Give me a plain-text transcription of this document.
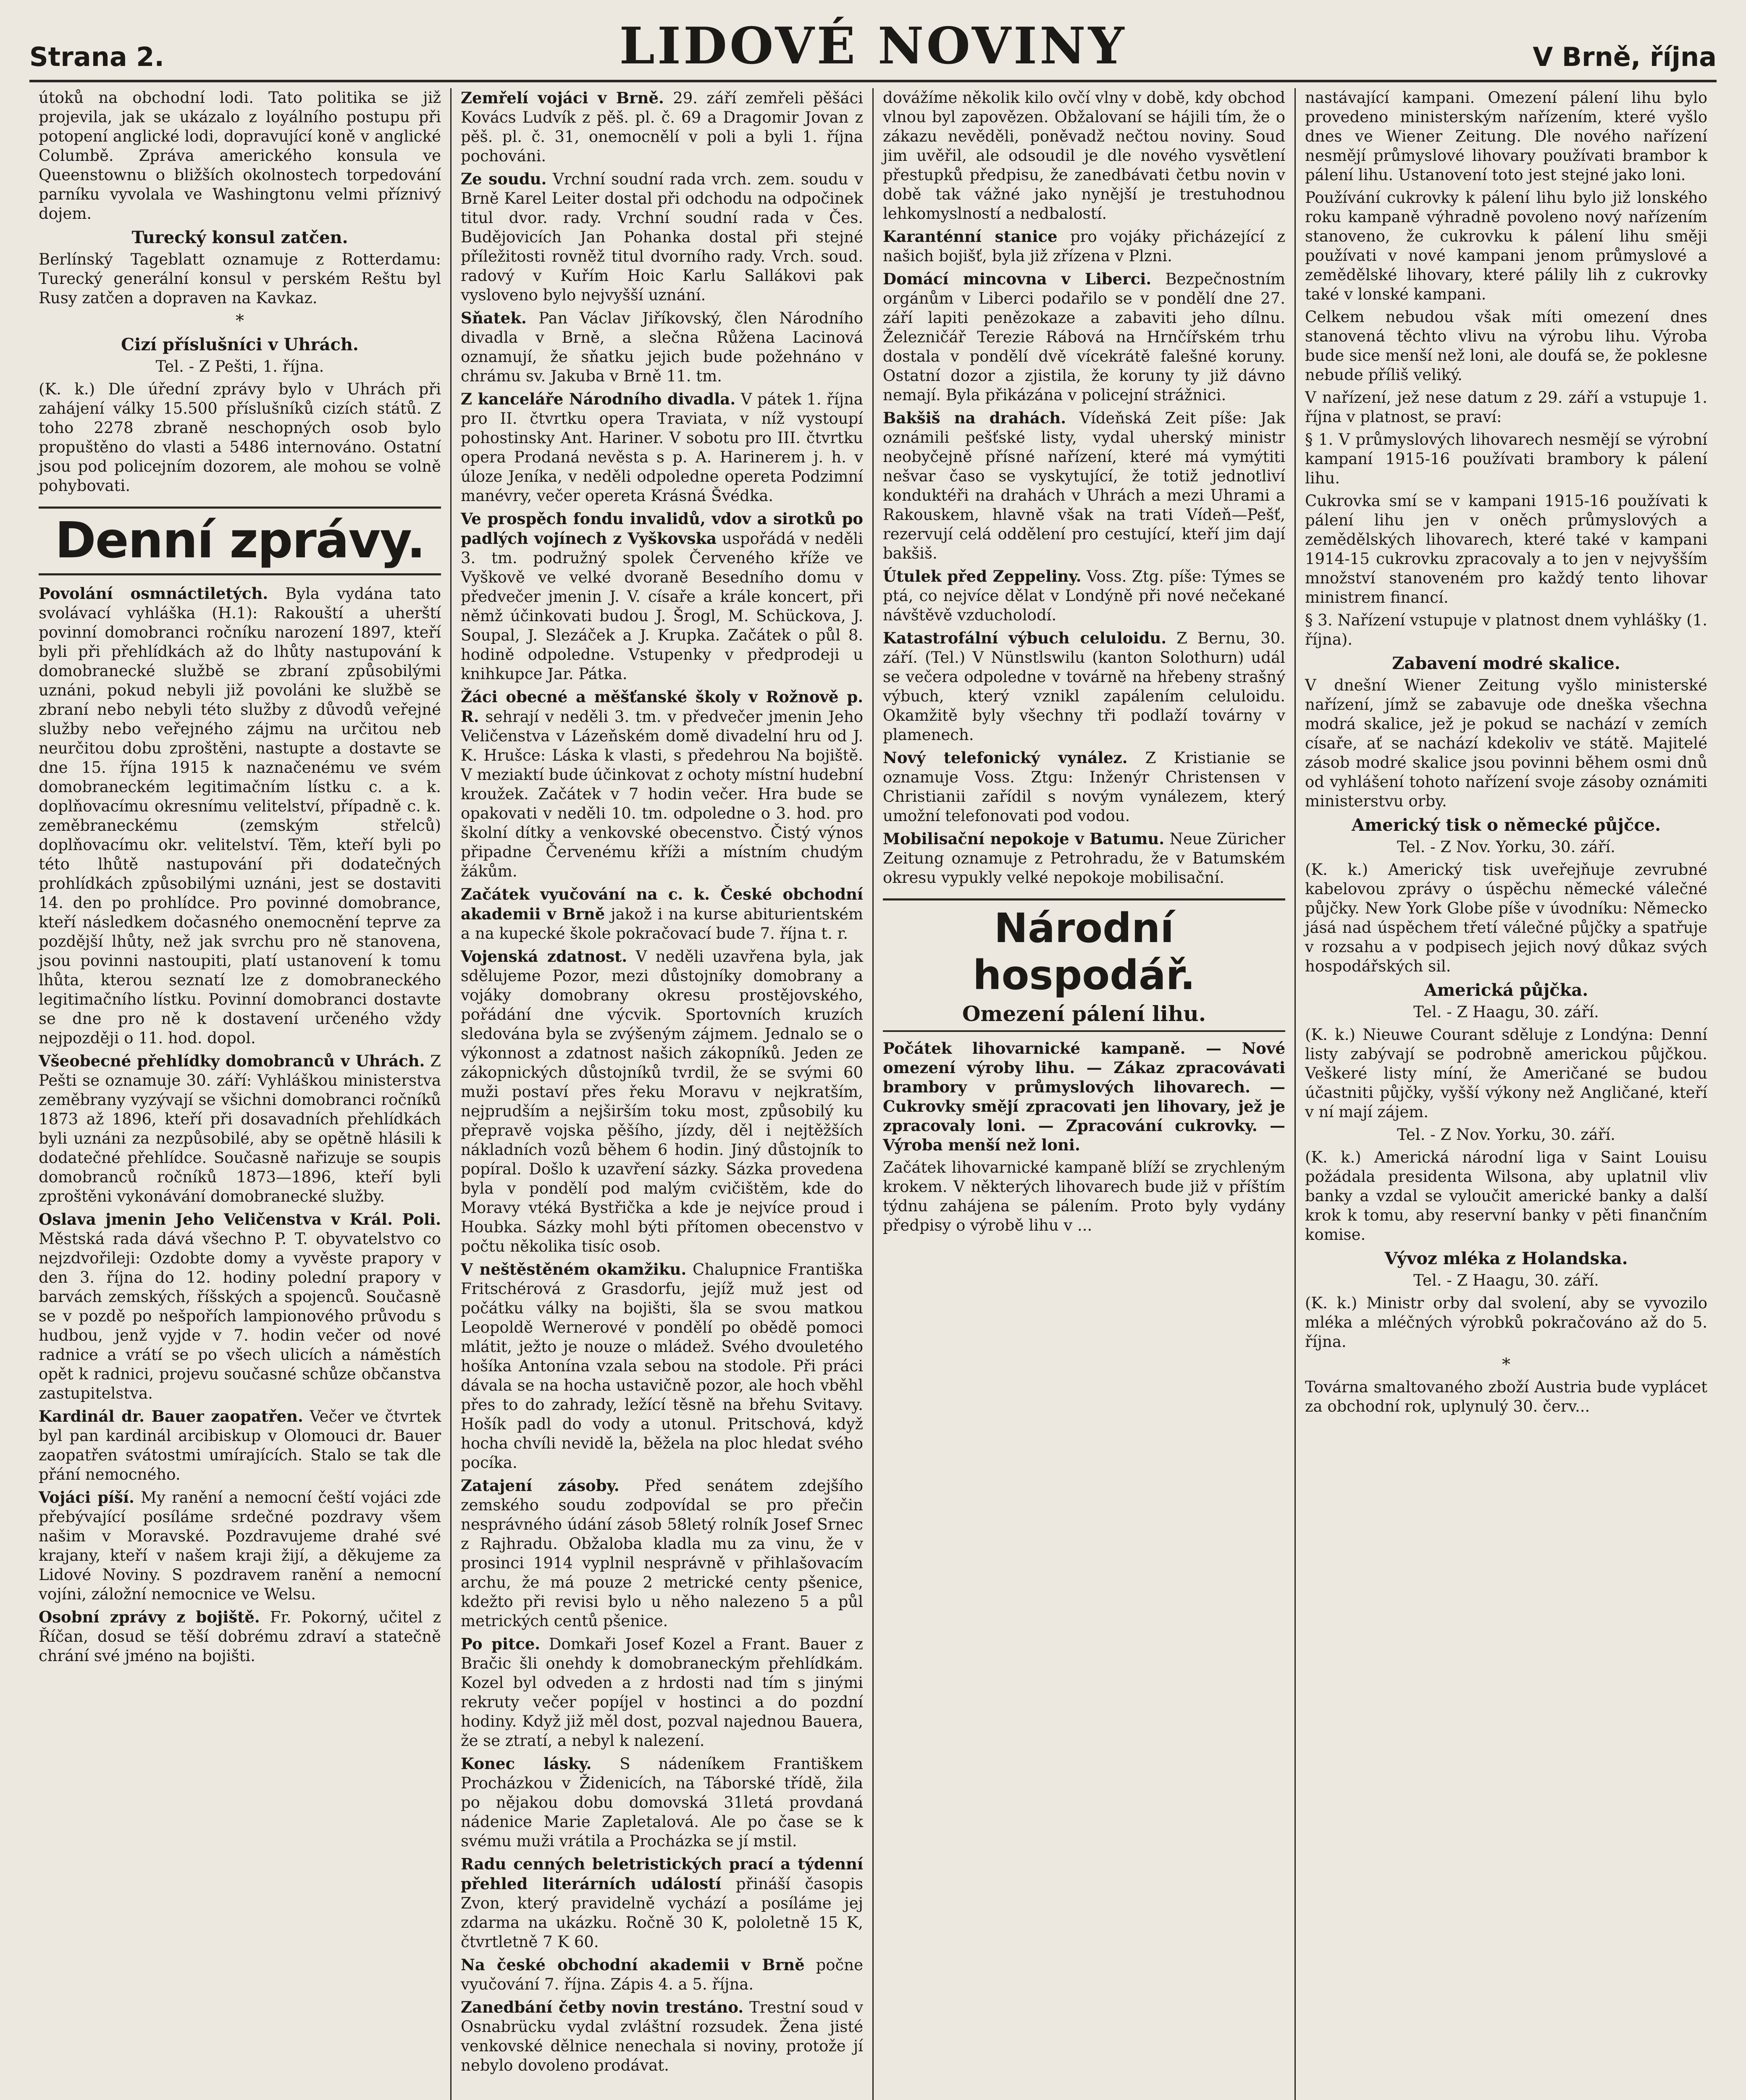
Strana 2.	LIDOVÉ NOVINY	V Brně, října

útoků na obchodní lodi. Tato politika se již projevila, jak se ukázalo z loyálního postupu při potopení anglické lodi, dopravující koně v anglické Columbě. Zpráva amerického konsula ve Queenstownu o bližších okolnostech torpedování parníku vyvolala ve Washingtonu velmi příznivý dojem.

Turecký konsul zatčen.

Berlínský Tageblatt oznamuje z Rotterdamu: Turecký generální konsul v perském Reštu byl Rusy zatčen a dopraven na Kavkaz.

*
Cizí příslušníci v Uhrách.

Tel. - Z Pešti, 1. října.

(K. k.) Dle úřední zprávy bylo v Uhrách při zahájení války 15.500 příslušníků cizích států. Z toho 2278 zbraně neschopných osob bylo propuštěno do vlasti a 5486 internováno. Ostatní jsou pod policejním dozorem, ale mohou se volně pohybovati.

Denní zprávy.

Povolání osmnáctiletých. Byla vydána tato svolávací vyhláška (H.1): Rakouští a uherští povinní domobranci ročníku narození 1897, kteří byli při přehlídkách až do lhůty nastupování k domobranecké službě se zbraní způsobilými uznáni, pokud nebyli již povoláni ke službě se zbraní nebo nebyli této služby z důvodů veřejné služby nebo veřejného zájmu na určitou neb neurčitou dobu zproštěni, nastupte a dostavte se dne 15. října 1915 k naznačenému ve svém domobraneckém legitimačním lístku c. a k. doplňovacímu okresnímu velitelství, případně c. k. zeměbraneckému (zemským střelců) doplňovacímu okr. velitelství. Těm, kteří byli po této lhůtě nastupování při dodatečných prohlídkách způsobilými uznáni, jest se dostaviti 14. den po prohlídce. Pro povinné domobrance, kteří následkem dočasného onemocnění teprve za pozdější lhůty, než jak svrchu pro ně stanovena, jsou povinni nastoupiti, platí ustanovení k tomu lhůta, kterou seznatí lze z domobraneckého legitimačního lístku. Povinní domobranci dostavte se dne pro ně k dostavení určeného vždy nejpozději o 11. hod. dopol.

Všeobecné přehlídky domobranců v Uhrách. Z Pešti se oznamuje 30. září: Vyhláškou ministerstva zeměbrany vyzývají se všichni domobranci ročníků 1873 až 1896, kteří při dosavadních přehlídkách byli uznáni za nezpůsobilé, aby se opětně hlásili k dodatečné přehlídce. Současně nařizuje se soupis domobranců ročníků 1873—1896, kteří byli zproštěni vykonávání domobranecké služby.

Oslava jmenin Jeho Veličenstva v Král. Poli. Městská rada dává všechno P. T. obyvatelstvo co nejzdvořileji: Ozdobte domy a vyvěste prapory v den 3. října do 12. hodiny polední prapory v barvách zemských, říšských a spojenců. Současně se v pozdě po nešpořích lampionového průvodu s hudbou, jenž vyjde v 7. hodin večer od nové radnice a vrátí se po všech ulicích a náměstích opět k radnici, projevu současné schůze občanstva zastupitelstva.

Kardinál dr. Bauer zaopatřen. Večer ve čtvrtek byl pan kardinál arcibiskup v Olomouci dr. Bauer zaopatřen svátostmi umírajících. Stalo se tak dle přání nemocného.

Vojáci píší. My ranění a nemocní čeští vojáci zde přebývající posíláme srdečné pozdravy všem našim v Moravské. Pozdravujeme drahé své krajany, kteří v našem kraji žijí, a děkujeme za Lidové Noviny. S pozdravem ranění a nemocní vojíni, záložní nemocnice ve Welsu.

Osobní zprávy z bojiště. Fr. Pokorný, učitel z Říčan, dosud se těší dobrému zdraví a statečně chrání své jméno na bojišti.

Zemřelí vojáci v Brně. 29. září zemřeli pěšáci Kovács Ludvík z pěš. pl. č. 69 a Dragomir Jovan z pěš. pl. č. 31, onemocnělí v poli a byli 1. října pochováni.

Ze soudu. Vrchní soudní rada vrch. zem. soudu v Brně Karel Leiter dostal při odchodu na odpočinek titul dvor. rady. Vrchní soudní rada v Čes. Budějovicích Jan Pohanka dostal při stejné příležitosti rovněž titul dvorního rady. Vrch. soud. radový v Kuřím Hoic Karlu Sallákovi pak vysloveno bylo nejvyšší uznání.

Sňatek. Pan Václav Jiříkovský, člen Národního divadla v Brně, a slečna Růžena Lacinová oznamují, že sňatku jejich bude požehnáno v chrámu sv. Jakuba v Brně 11. tm.

Z kanceláře Národního divadla. V pátek 1. října pro II. čtvrtku opera Traviata, v níž vystoupí pohostinsky Ant. Hariner. V sobotu pro III. čtvrtku opera Prodaná nevěsta s p. A. Harinerem j. h. v úloze Jeníka, v neděli odpoledne opereta Podzimní manévry, večer opereta Krásná Švédka.

Ve prospěch fondu invalidů, vdov a sirotků po padlých vojínech z Vyškovska uspořádá v neděli 3. tm. podružný spolek Červeného kříže ve Vyškově ve velké dvoraně Besedního domu v předvečer jmenin J. V. císaře a krále koncert, při němž účinkovati budou J. Šrogl, M. Schückova, J. Soupal, J. Slezáček a J. Krupka. Začátek o půl 8. hodině odpoledne. Vstupenky v předprodeji u knihkupce Jar. Pátka.

Žáci obecné a měšťanské školy v Rožnově p. R. sehrají v neděli 3. tm. v předvečer jmenin Jeho Veličenstva v Lázeňském domě divadelní hru od J. K. Hrušce: Láska k vlasti, s předehrou Na bojiště. V meziaktí bude účinkovat z ochoty místní hudební kroužek. Začátek v 7 hodin večer. Hra bude se opakovati v neděli 10. tm. odpoledne o 3. hod. pro školní dítky a venkovské obecenstvo. Čistý výnos připadne Červenému kříži a místním chudým žákům.

Začátek vyučování na c. k. České obchodní akademii v Brně jakož i na kurse abiturientském a na kupecké škole pokračovací bude 7. října t. r.

Vojenská zdatnost. V neděli uzavřena byla, jak sdělujeme Pozor, mezi důstojníky domobrany a vojáky domobrany okresu prostějovského, pořádání dne výcvik. Sportovních kruzích sledována byla se zvýšeným zájmem. Jednalo se o výkonnost a zdatnost našich zákopníků. Jeden ze zákopnických důstojníků tvrdil, že se svými 60 muži postaví přes řeku Moravu v nejkratším, nejprudším a nejširším toku most, způsobilý ku přepravě vojska pěšího, jízdy, děl i nejtěžších nákladních vozů během 6 hodin. Jiný důstojník to popíral. Došlo k uzavření sázky. Sázka provedena byla v pondělí pod malým cvičištěm, kde do Moravy vtéká Bystřička a kde je nejvíce proud i Houbka. Sázky mohl býti přítomen obecenstvo v počtu několika tisíc osob.

V neštěstěném okamžiku. Chalupnice Františka Fritschérová z Grasdorfu, jejíž muž jest od počátku války na bojišti, šla se svou matkou Leopoldě Wernerové v pondělí po obědě pomoci mlátit, ježto je nouze o mládež. Svého dvouletého hošíka Antonína vzala sebou na stodole. Při práci dávala se na hocha ustavičně pozor, ale hoch vběhl přes to do zahrady, ležící těsně na břehu Svitavy. Hošík padl do vody a utonul. Pritschová, když hocha chvíli nevidě la, běžela na ploc hledat svého pocíka.

Zatajení zásoby. Před senátem zdejšího zemského soudu zodpovídal se pro přečin nesprávného údání zásob 58letý rolník Josef Srnec z Rajhradu. Obžaloba kladla mu za vinu, že v prosinci 1914 vyplnil nesprávně v přihlašovacím archu, že má pouze 2 metrické centy pšenice, kdežto při revisi bylo u něho nalezeno 5 a půl metrických centů pšenice.

Po pitce. Domkaři Josef Kozel a Frant. Bauer z Bračic šli onehdy k domobraneckým přehlídkám. Kozel byl odveden a z hrdosti nad tím s jinými rekruty večer popíjel v hostinci a do pozdní hodiny. Když již měl dost, pozval najednou Bauera, že se ztratí, a nebyl k nalezení.

Konec lásky. S nádeníkem Františkem Procházkou v Židenicích, na Táborské třídě, žila po nějakou dobu domovská 31letá provdaná nádenice Marie Zapletalová. Ale po čase se k svému muži vrátila a Procházka se jí mstil.

Radu cenných beletristických prací a týdenní přehled literárních událostí přináší časopis Zvon, který pravidelně vychází a posíláme jej zdarma na ukázku. Ročně 30 K, pololetně 15 K, čtvrtletně 7 K 60.

Na české obchodní akademii v Brně počne vyučování 7. října. Zápis 4. a 5. října.

Zanedbání četby novin trestáno. Trestní soud v Osnabrücku vydal zvláštní rozsudek. Žena jisté venkovské dělnice nenechala si noviny, protože jí nebylo dovoleno prodávat.

dovážíme několik kilo ovčí vlny v době, kdy obchod vlnou byl zapovězen. Obžalovaní se hájili tím, že o zákazu nevěděli, poněvadž nečtou noviny. Soud jim uvěřil, ale odsoudil je dle nového vysvětlení přestupků předpisu, že zanedbávati četbu novin v době tak vážné jako nynější je trestuhodnou lehkomyslností a nedbalostí.

Karanténní stanice pro vojáky přicházející z našich bojišť, byla již zřízena v Plzni.

Domácí mincovna v Liberci. Bezpečnostním orgánům v Liberci podařilo se v pondělí dne 27. září lapiti penězokaze a zabaviti jeho dílnu. Železničář Terezie Rábová na Hrnčířském trhu dostala v pondělí dvě vícekrátě falešné koruny. Ostatní dozor a zjistila, že koruny ty již dávno nemají. Byla přikázána v policejní strážnici.

Bakšiš na drahách. Vídeňská Zeit píše: Jak oznámili pešťské listy, vydal uherský ministr neobyčejně přísné nařízení, které má vymýtiti nešvar časo se vyskytující, že totiž jednotliví konduktéři na drahách v Uhrách a mezi Uhrami a Rakouskem, hlavně však na trati Vídeň—Pešť, rezervují celá oddělení pro cestující, kteří jim dají bakšiš.

Útulek před Zeppeliny. Voss. Ztg. píše: Týmes se ptá, co nejvíce dělat v Londýně při nové nečekané návštěvě vzducholodí.

Katastrofální výbuch celuloidu. Z Bernu, 30. září. (Tel.) V Nünstlswilu (kanton Solothurn) udál se večera odpoledne v továrně na hřebeny strašný výbuch, který vznikl zapálením celuloidu. Okamžitě byly všechny tři podlaží továrny v plamenech.

Nový telefonický vynález. Z Kristianie se oznamuje Voss. Ztgu: Inženýr Christensen v Christianii zařídil s novým vynálezem, který umožní telefonovati pod vodou.

Mobilisační nepokoje v Batumu. Neue Züricher Zeitung oznamuje z Petrohradu, že v Batumském okresu vypukly velké nepokoje mobilisační.

Národní hospodář.
Omezení pálení lihu.

Počátek lihovarnické kampaně. — Nové omezení výroby lihu. — Zákaz zpracovávati brambory v průmyslových lihovarech. — Cukrovky smějí zpracovati jen lihovary, jež je zpracovaly loni. — Zpracování cukrovky. — Výroba menší než loni.

Začátek lihovarnické kampaně blíží se zrychleným krokem. V některých lihovarech bude již v příštím týdnu zahájena se pálením. Proto byly vydány předpisy o výrobě lihu v ...

nastávající kampani. Omezení pálení lihu bylo provedeno ministerským nařízením, které vyšlo dnes ve Wiener Zeitung. Dle nového nařízení nesmějí průmyslové lihovary používati brambor k pálení lihu. Ustanovení toto jest stejné jako loni.

Používání cukrovky k pálení lihu bylo již lonského roku kampaně výhradně povoleno nový nařízením stanoveno, že cukrovku k pálení lihu směji používati v nové kampani jenom průmyslové a zemědělské lihovary, které pálily lih z cukrovky také v lonské kampani.

Celkem nebudou však míti omezení dnes stanovená těchto vlivu na výrobu lihu. Výroba bude sice menší než loni, ale doufá se, že poklesne nebude příliš veliký.

V nařízení, jež nese datum z 29. září a vstupuje 1. října v platnost, se praví:

§ 1. V průmyslových lihovarech nesmějí se výrobní kampaní 1915-16 používati brambory k pálení lihu.

Cukrovka smí se v kampani 1915-16 používati k pálení lihu jen v oněch průmyslových a zemědělských lihovarech, které také v kampani 1914-15 cukrovku zpracovaly a to jen v nejvyšším množství stanoveném pro každý tento lihovar ministrem financí.

§ 3. Nařízení vstupuje v platnost dnem vyhlášky (1. října).

Zabavení modré skalice.

V dnešní Wiener Zeitung vyšlo ministerské nařízení, jímž se zabavuje ode dneška všechna modrá skalice, jež je pokud se nachází v zemích císaře, ať se nachází kdekoliv ve státě. Majitelé zásob modré skalice jsou povinni během osmi dnů od vyhlášení tohoto nařízení svoje zásoby oznámiti ministerstvu orby.

Americký tisk o německé půjčce.

Tel. - Z Nov. Yorku, 30. září.

(K. k.) Americký tisk uveřejňuje zevrubné kabelovou zprávy o úspěchu německé válečné půjčky. New York Globe píše v úvodníku: Německo jásá nad úspěchem třetí válečné půjčky a spatřuje v rozsahu a v podpisech jejich nový důkaz svých hospodářských sil.

Americká půjčka.

Tel. - Z Haagu, 30. září.

(K. k.) Nieuwe Courant sděluje z Londýna: Denní listy zabývají se podrobně americkou půjčkou. Veškeré listy míní, že Američané se budou účastniti půjčky, vyšší výkony než Angličané, kteří v ní mají zájem.

Tel. - Z Nov. Yorku, 30. září.

(K. k.) Americká národní liga v Saint Louisu požádala presidenta Wilsona, aby uplatnil vliv banky a vzdal se vyloučit americké banky a další krok k tomu, aby reservní banky v pěti finančním komise.

Vývoz mléka z Holandska.

Tel. - Z Haagu, 30. září.

(K. k.) Ministr orby dal svolení, aby se vyvozilo mléka a mléčných výrobků pokračováno až do 5. října.

*

Továrna smaltovaného zboží Austria bude vyplácet za obchodní rok, uplynulý 30. červ...
